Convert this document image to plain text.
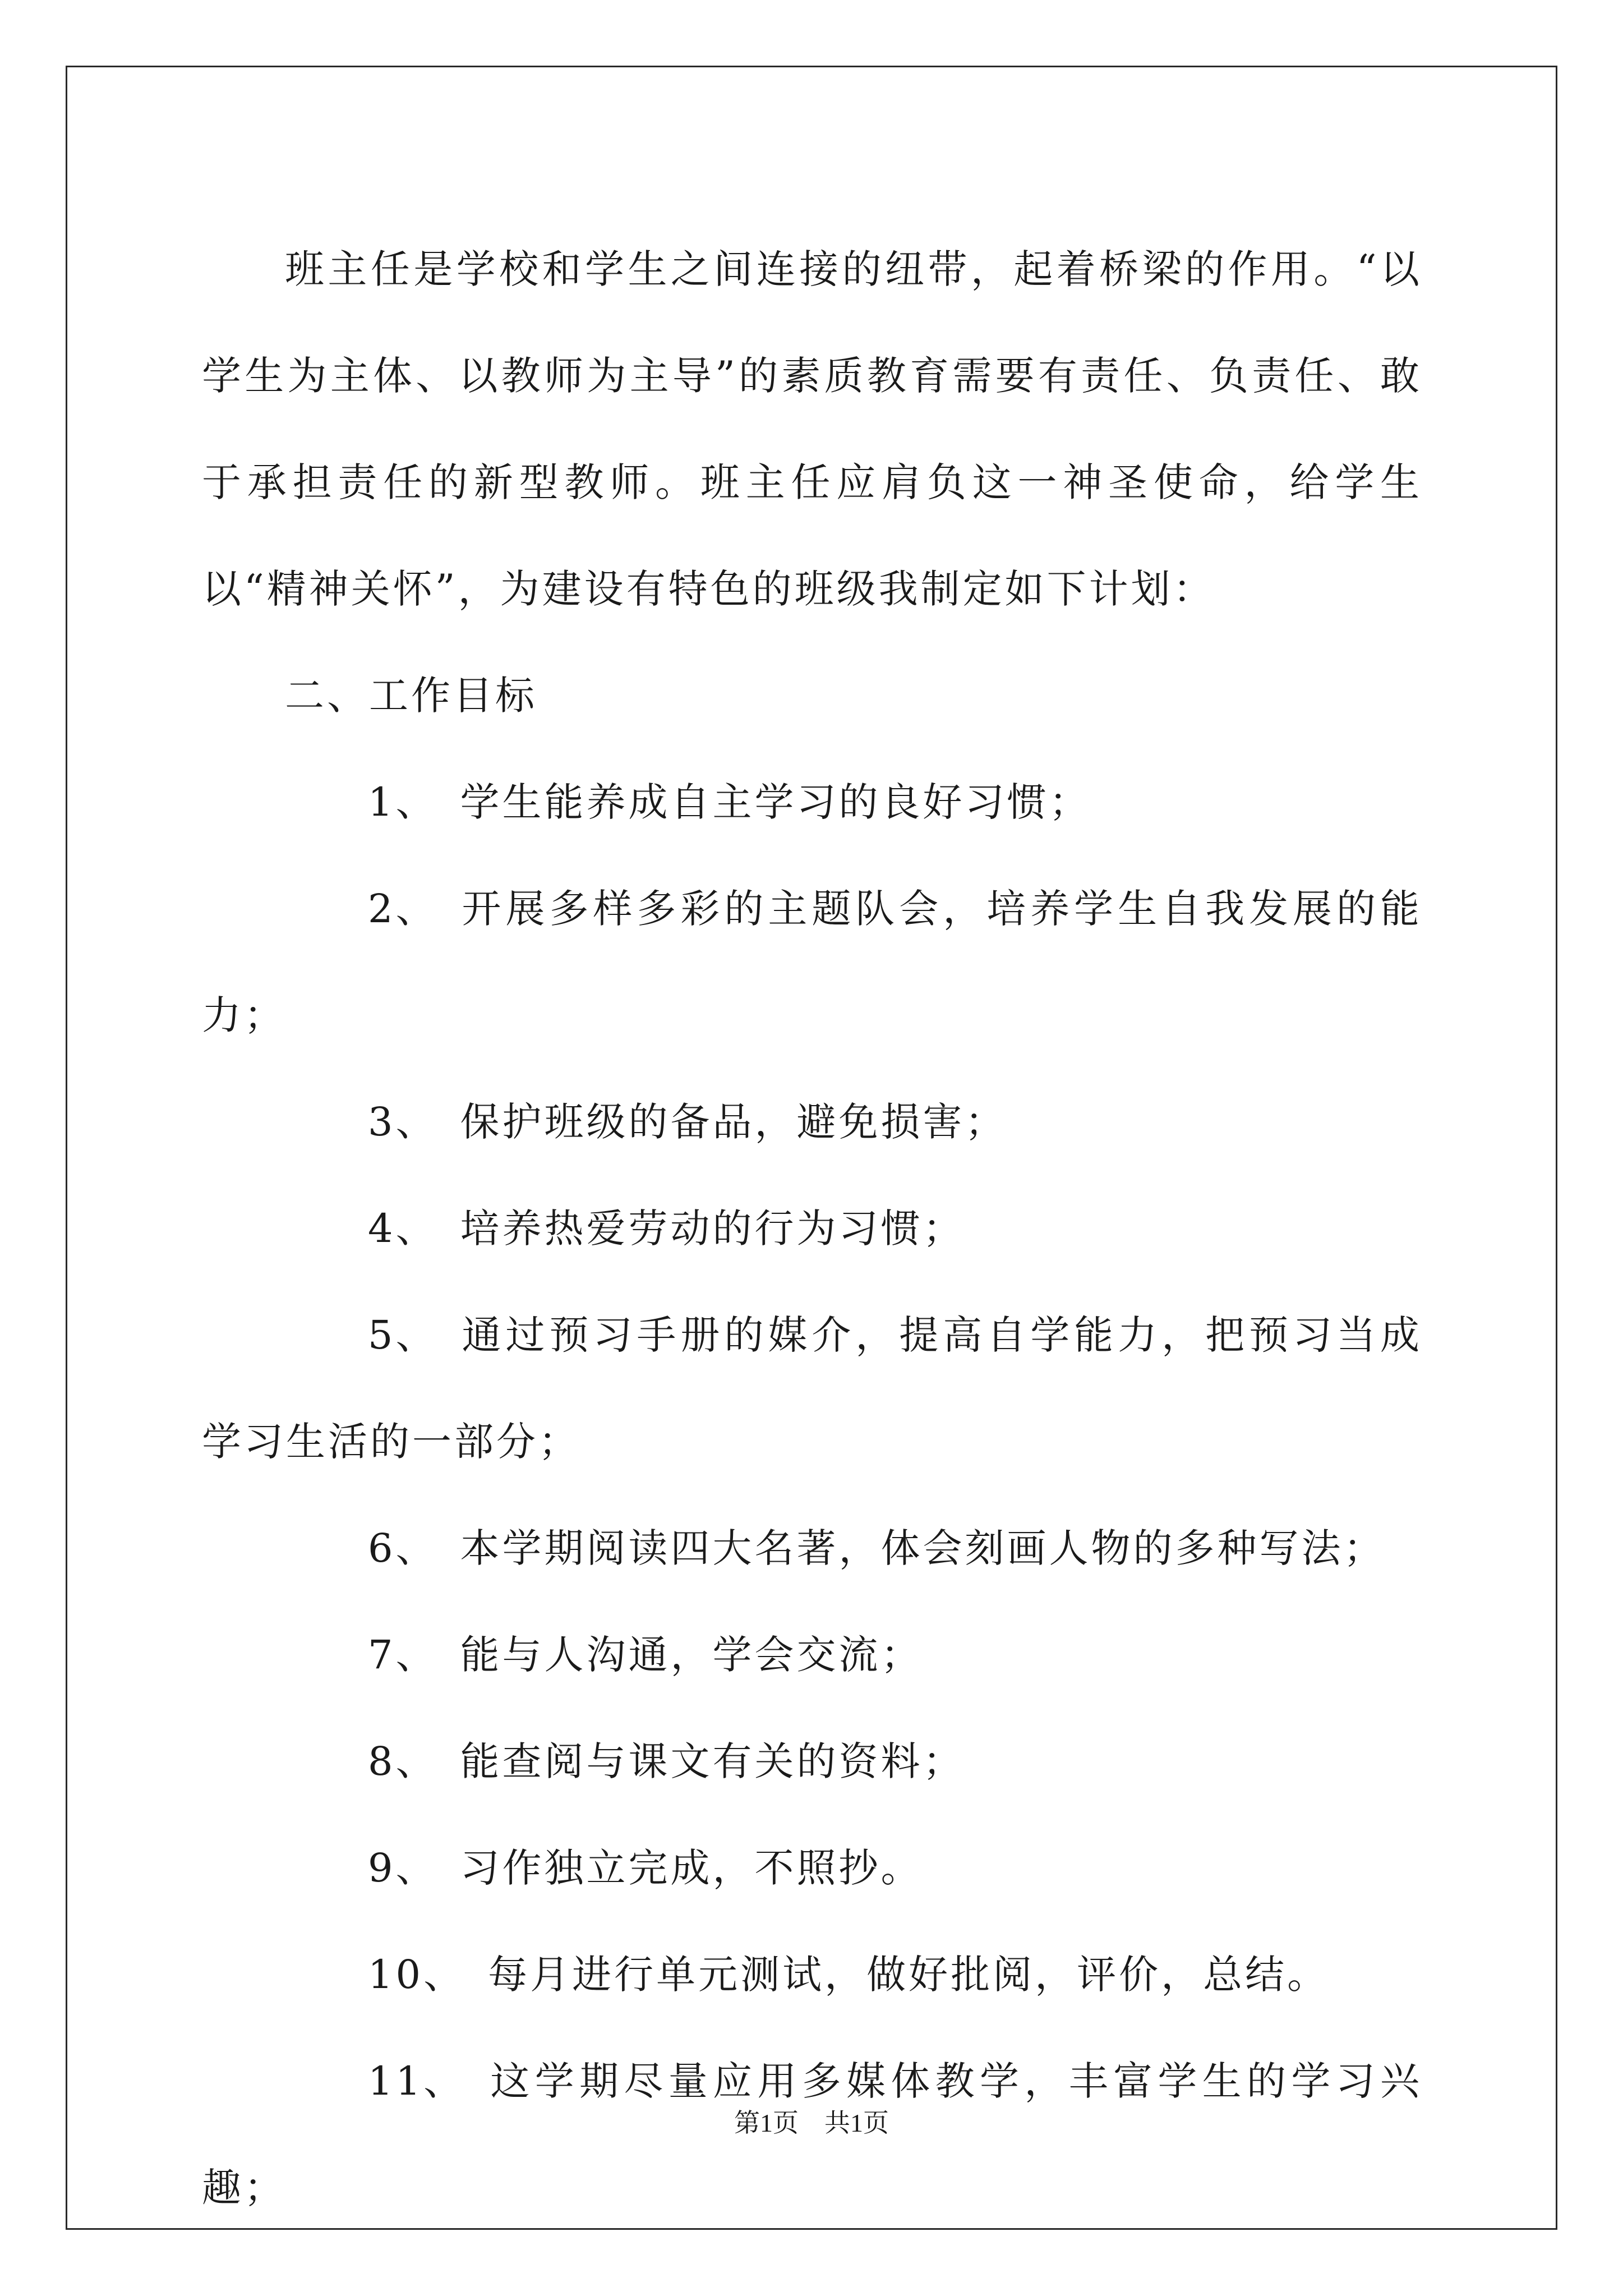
班主任是学校和学生之间连接的纽带，起着桥梁的作用。“以学生为主体、以教师为主导”的素质教育需要有责任、负责任、敢于承担责任的新型教师。班主任应肩负这一神圣使命，给学生以“精神关怀”，为建设有特色的班级我制定如下计划：

二、工作目标

1、 学生能养成自主学习的良好习惯；

2、 开展多样多彩的主题队会，培养学生自我发展的能力；

3、 保护班级的备品，避免损害；

4、 培养热爱劳动的行为习惯；

5、 通过预习手册的媒介，提高自学能力，把预习当成学习生活的一部分；

6、 本学期阅读四大名著，体会刻画人物的多种写法；

7、 能与人沟通，学会交流；

8、 能查阅与课文有关的资料；

9、 习作独立完成，不照抄。

10、 每月进行单元测试，做好批阅，评价，总结。

11、 这学期尽量应用多媒体教学，丰富学生的学习兴趣；

第1页 共1页
